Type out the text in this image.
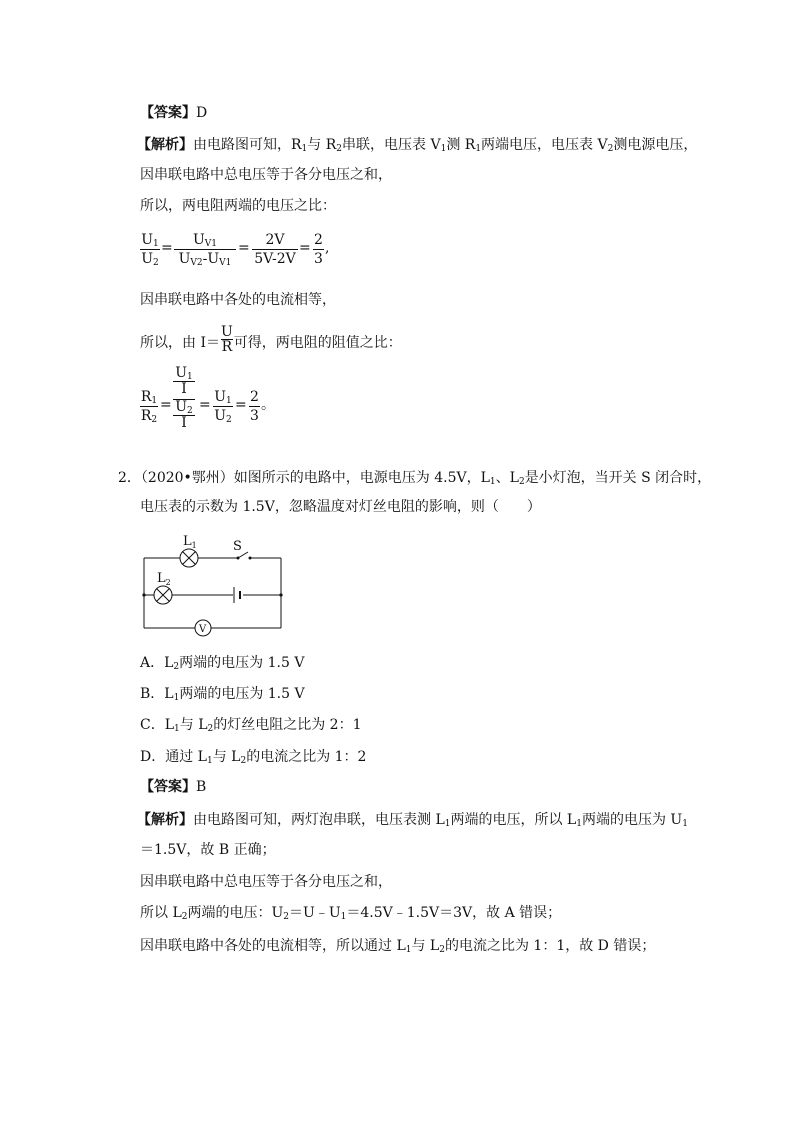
【答案】D
【解析】由电路图可知，$R_1$与 $R_2$串联，电压表 $V_1$测 $R_1$两端电压，电压表 $V_2$测电源电压，
因串联电路中总电压等于各分电压之和，
所以，两电阻两端的电压之比：
$U_1$
$U_2$
=	$U_{V1}$
$U_{V2}-U_{V1}$
=	2V
5V-2V
= 2
3
,
因串联电路中各处的电流相等，
所以，由 $I= \frac{U}{R}$ 可得，两电阻的阻值之比：
$R_1$
$R_2$
=
$U_1$
I
$U_2$
I
= $U_1$
$U_2$
= 2
3
。
2．（2020•鄂州）如图所示的电路中，电源电压为 4.5V，$L_1$、$L_2$是小灯泡，当开关 S 闭合时，
电压表的示数为 1.5V，忽略温度对灯丝电阻的影响，则（　　）
$L_1$	S
$L_2$
V
A．$L_2$两端的电压为 1.5 V
B．$L_1$两端的电压为 1.5 V
C．$L_1$与 $L_2$的灯丝电阻之比为 2：1
D．通过 $L_1$与 $L_2$的电流之比为 1：2
【答案】B
【解析】由电路图可知，两灯泡串联，电压表测 $L_1$两端的电压，所以 $L_1$两端的电压为 $U_1$
＝1.5V，故 B 正确；
因串联电路中总电压等于各分电压之和，
所以 $L_2$两端的电压：$U_2=U﹣U_1=4.5V﹣1.5V=3V$，故 A 错误；
因串联电路中各处的电流相等，所以通过 $L_1$与 $L_2$的电流之比为 1：1，故 D 错误；
